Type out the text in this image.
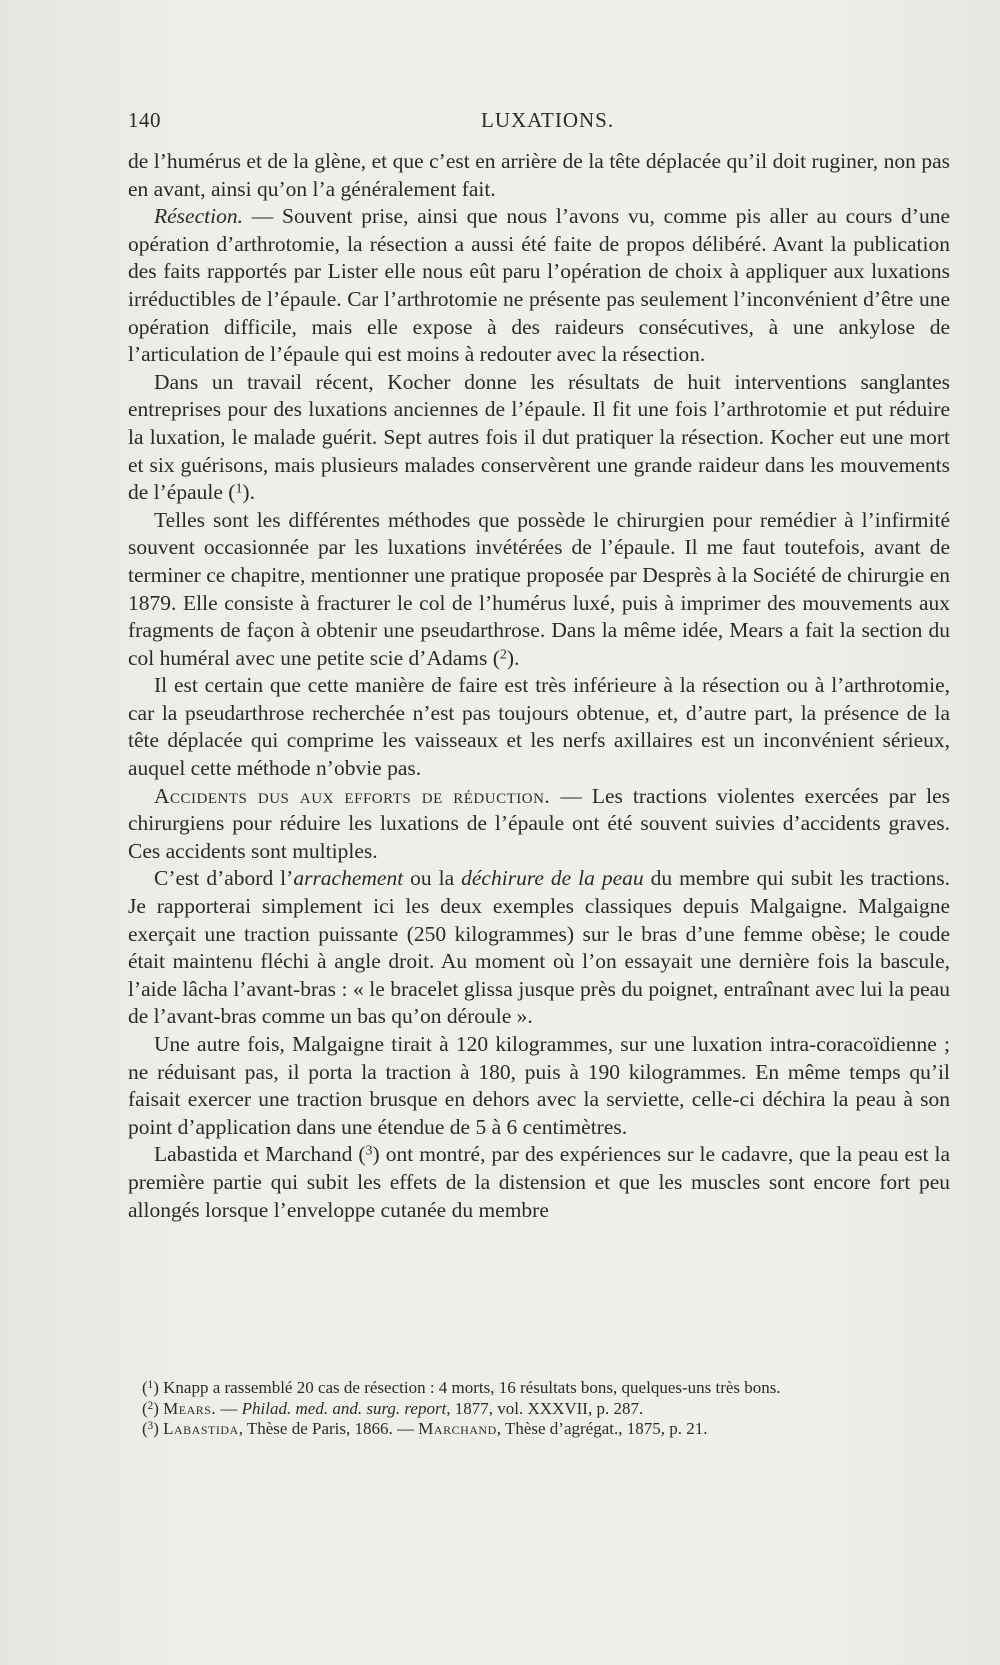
140	LUXATIONS.

de l’humérus et de la glène, et que c’est en arrière de la tête déplacée qu’il doit ruginer, non pas en avant, ainsi qu’on l’a généralement fait.

Résection. — Souvent prise, ainsi que nous l’avons vu, comme pis aller au cours d’une opération d’arthrotomie, la résection a aussi été faite de propos délibéré. Avant la publication des faits rapportés par Lister elle nous eût paru l’opération de choix à appliquer aux luxations irréductibles de l’épaule. Car l’arthrotomie ne présente pas seulement l’inconvénient d’être une opération difficile, mais elle expose à des raideurs consécutives, à une ankylose de l’articulation de l’épaule qui est moins à redouter avec la résection.

Dans un travail récent, Kocher donne les résultats de huit interventions sanglantes entreprises pour des luxations anciennes de l’épaule. Il fit une fois l’arthrotomie et put réduire la luxation, le malade guérit. Sept autres fois il dut pratiquer la résection. Kocher eut une mort et six guérisons, mais plusieurs malades conservèrent une grande raideur dans les mouvements de l’épaule ($^1$).

Telles sont les différentes méthodes que possède le chirurgien pour remédier à l’infirmité souvent occasionnée par les luxations invétérées de l’épaule. Il me faut toutefois, avant de terminer ce chapitre, mentionner une pratique proposée par Desprès à la Société de chirurgie en 1879. Elle consiste à fracturer le col de l’humérus luxé, puis à imprimer des mouvements aux fragments de façon à obtenir une pseudarthrose. Dans la même idée, Mears a fait la section du col huméral avec une petite scie d’Adams ($^2$).

Il est certain que cette manière de faire est très inférieure à la résection ou à l’arthrotomie, car la pseudarthrose recherchée n’est pas toujours obtenue, et, d’autre part, la présence de la tête déplacée qui comprime les vaisseaux et les nerfs axillaires est un inconvénient sérieux, auquel cette méthode n’obvie pas.

Accidents dus aux efforts de réduction. — Les tractions violentes exercées par les chirurgiens pour réduire les luxations de l’épaule ont été souvent suivies d’accidents graves. Ces accidents sont multiples.

C’est d’abord l’arrachement ou la déchirure de la peau du membre qui subit les tractions. Je rapporterai simplement ici les deux exemples classiques depuis Malgaigne. Malgaigne exerçait une traction puissante (250 kilogrammes) sur le bras d’une femme obèse; le coude était maintenu fléchi à angle droit. Au moment où l’on essayait une dernière fois la bascule, l’aide lâcha l’avant-bras : « le bracelet glissa jusque près du poignet, entraînant avec lui la peau de l’avant-bras comme un bas qu’on déroule ».

Une autre fois, Malgaigne tirait à 120 kilogrammes, sur une luxation intra-coracoïdienne ; ne réduisant pas, il porta la traction à 180, puis à 190 kilogrammes. En même temps qu’il faisait exercer une traction brusque en dehors avec la serviette, celle-ci déchira la peau à son point d’application dans une étendue de 5 à 6 centimètres.

Labastida et Marchand ($^3$) ont montré, par des expériences sur le cadavre, que la peau est la première partie qui subit les effets de la distension et que les muscles sont encore fort peu allongés lorsque l’enveloppe cutanée du membre

($^1$) Knapp a rassemblé 20 cas de résection : 4 morts, 16 résultats bons, quelques-uns très bons.

($^2$) Mears. — Philad. med. and. surg. report, 1877, vol. XXXVII, p. 287.

($^3$) Labastida, Thèse de Paris, 1866. — Marchand, Thèse d’agrégat., 1875, p. 21.
